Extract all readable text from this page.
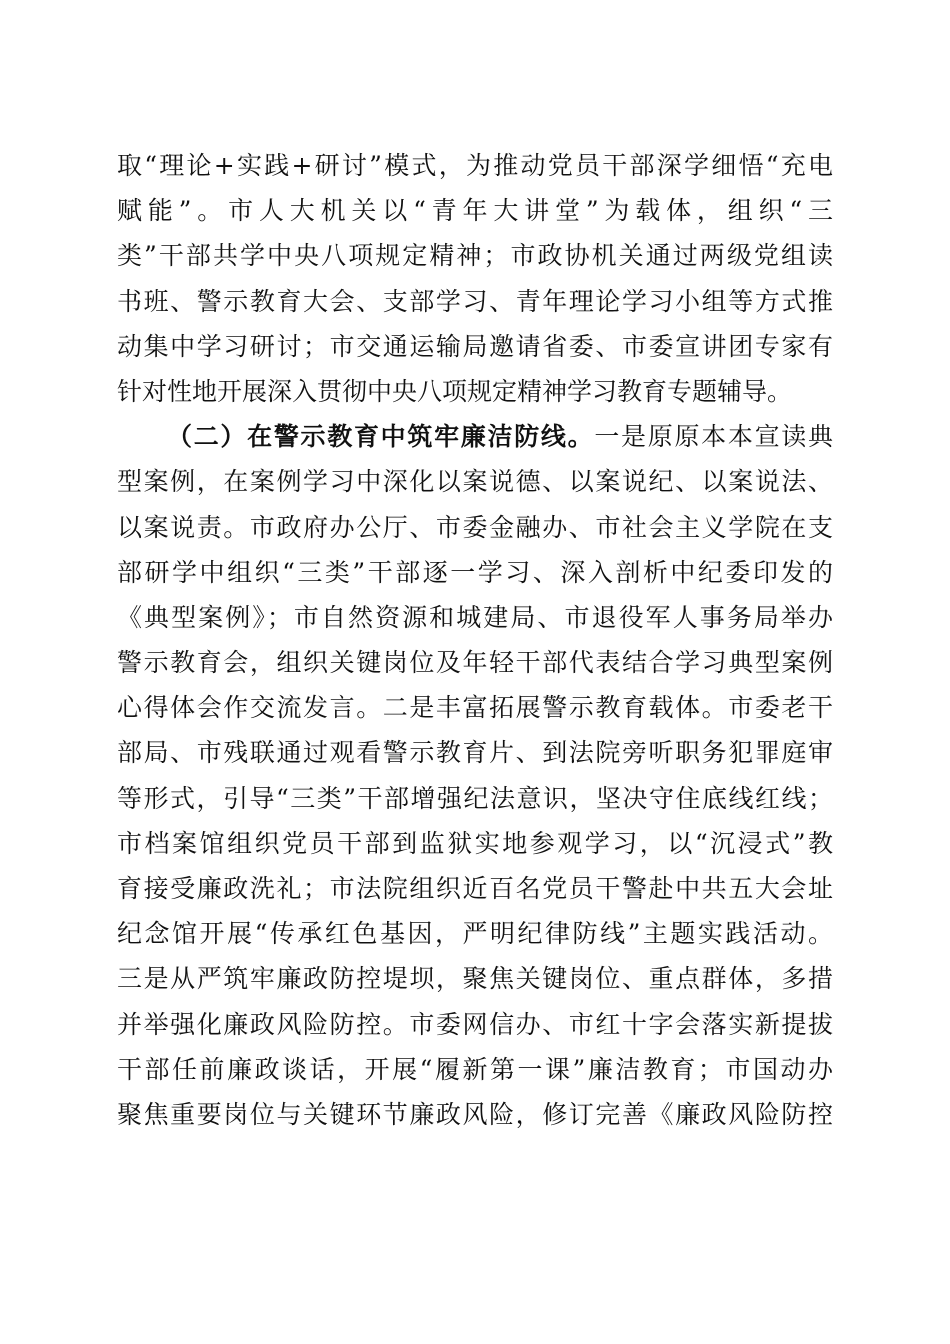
取“理论+实践+研讨”模式，为推动党员干部深学细悟“充电
赋能”。市人大机关以“青年大讲堂”为载体，组织“三
类”干部共学中央八项规定精神；市政协机关通过两级党组读
书班、警示教育大会、支部学习、青年理论学习小组等方式推
动集中学习研讨；市交通运输局邀请省委、市委宣讲团专家有
针对性地开展深入贯彻中央八项规定精神学习教育专题辅导。
（二）在警示教育中筑牢廉洁防线。一是原原本本宣读典
型案例，在案例学习中深化以案说德、以案说纪、以案说法、
以案说责。市政府办公厅、市委金融办、市社会主义学院在支
部研学中组织“三类”干部逐一学习、深入剖析中纪委印发的
《典型案例》；市自然资源和城建局、市退役军人事务局举办
警示教育会，组织关键岗位及年轻干部代表结合学习典型案例
心得体会作交流发言。二是丰富拓展警示教育载体。市委老干
部局、市残联通过观看警示教育片、到法院旁听职务犯罪庭审
等形式，引导“三类”干部增强纪法意识，坚决守住底线红线；
市档案馆组织党员干部到监狱实地参观学习，以“沉浸式”教
育接受廉政洗礼；市法院组织近百名党员干警赴中共五大会址
纪念馆开展“传承红色基因，严明纪律防线”主题实践活动。
三是从严筑牢廉政防控堤坝，聚焦关键岗位、重点群体，多措
并举强化廉政风险防控。市委网信办、市红十字会落实新提拔
干部任前廉政谈话，开展“履新第一课”廉洁教育；市国动办
聚焦重要岗位与关键环节廉政风险，修订完善《廉政风险防控
